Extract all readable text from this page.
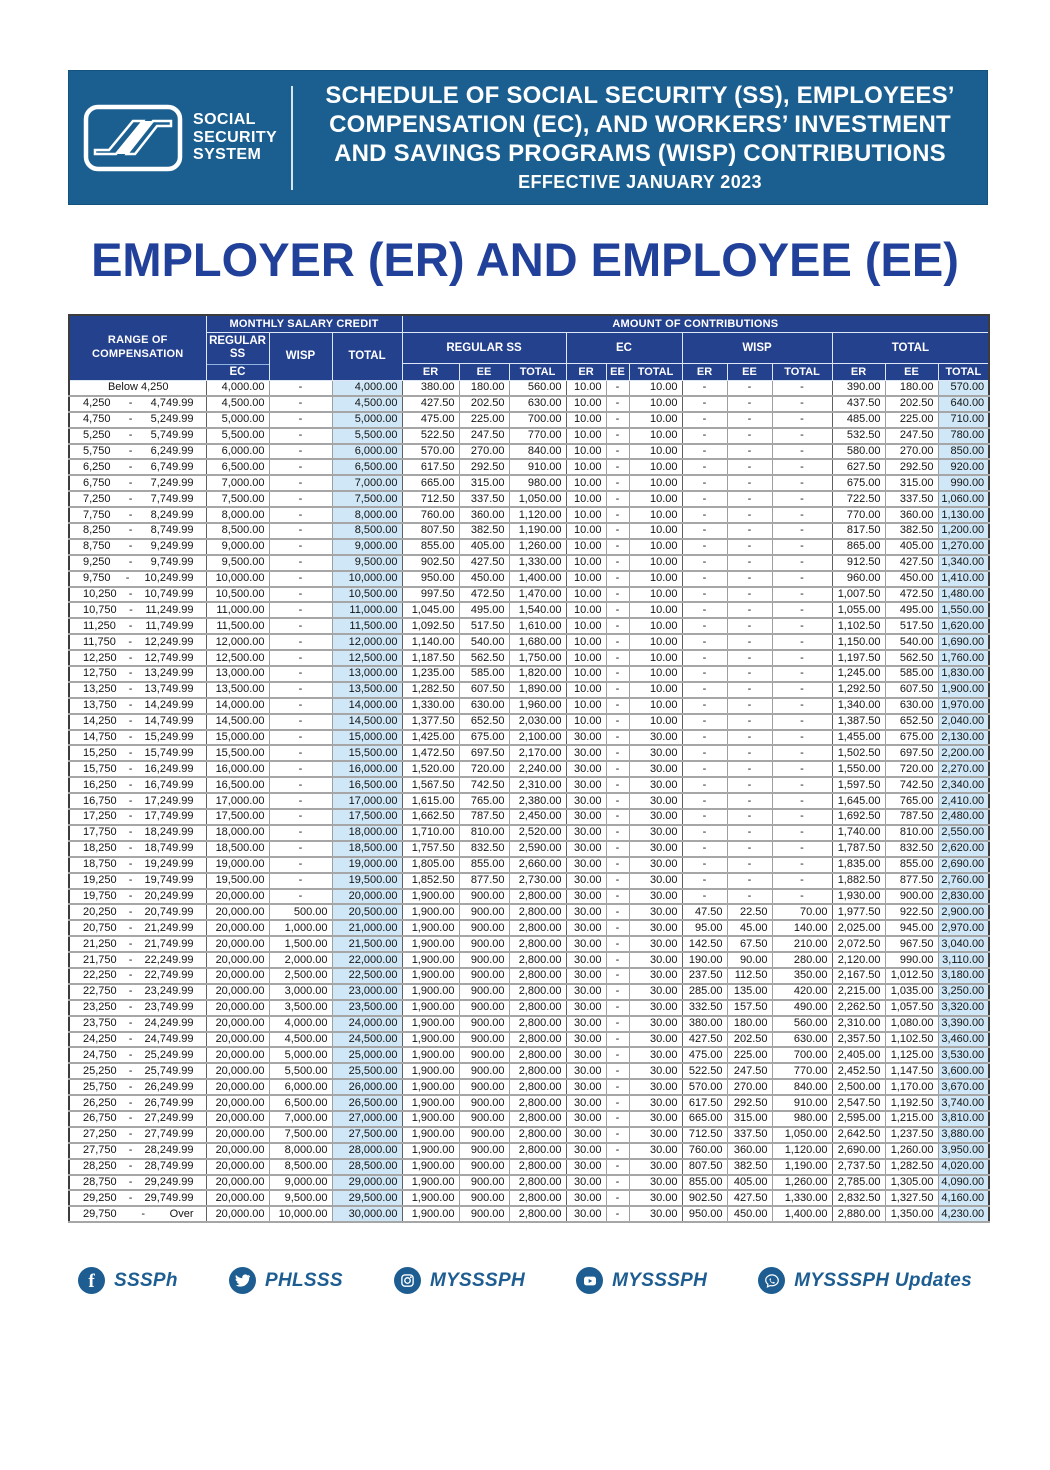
SOCIAL
SECURITY
SYSTEM
SCHEDULE OF SOCIAL SECURITY (SS), EMPLOYEES’
COMPENSATION (EC), AND WORKERS’ INVESTMENT
AND SAVINGS PROGRAMS (WISP) CONTRIBUTIONS
EFFECTIVE JANUARY 2023
EMPLOYER (ER) AND EMPLOYEE (EE)
RANGE OF COMPENSATION	MONTHLY SALARY CREDIT			AMOUNT OF CONTRIBUTIONS											

REGULAR SS
EC	WISP	TOTAL	REGULAR SS			EC			WISP			TOTAL		
				ER	EE	TOTAL	ER	EE	TOTAL	ER	EE	TOTAL	ER	EE	TOTAL

Below 4,250	4,000.00	-	4,000.00	380.00	180.00	560.00	10.00	-	10.00	-	-	-	390.00	180.00	570.00

4,250 - 4,749.99	4,500.00	-	4,500.00	427.50	202.50	630.00	10.00	-	10.00	-	-	-	437.50	202.50	640.00

4,750 - 5,249.99	5,000.00	-	5,000.00	475.00	225.00	700.00	10.00	-	10.00	-	-	-	485.00	225.00	710.00

5,250 - 5,749.99	5,500.00	-	5,500.00	522.50	247.50	770.00	10.00	-	10.00	-	-	-	532.50	247.50	780.00

5,750 - 6,249.99	6,000.00	-	6,000.00	570.00	270.00	840.00	10.00	-	10.00	-	-	-	580.00	270.00	850.00

6,250 - 6,749.99	6,500.00	-	6,500.00	617.50	292.50	910.00	10.00	-	10.00	-	-	-	627.50	292.50	920.00

6,750 - 7,249.99	7,000.00	-	7,000.00	665.00	315.00	980.00	10.00	-	10.00	-	-	-	675.00	315.00	990.00

7,250 - 7,749.99	7,500.00	-	7,500.00	712.50	337.50	1,050.00	10.00	-	10.00	-	-	-	722.50	337.50	1,060.00

7,750 - 8,249.99	8,000.00	-	8,000.00	760.00	360.00	1,120.00	10.00	-	10.00	-	-	-	770.00	360.00	1,130.00

8,250 - 8,749.99	8,500.00	-	8,500.00	807.50	382.50	1,190.00	10.00	-	10.00	-	-	-	817.50	382.50	1,200.00

8,750 - 9,249.99	9,000.00	-	9,000.00	855.00	405.00	1,260.00	10.00	-	10.00	-	-	-	865.00	405.00	1,270.00

9,250 - 9,749.99	9,500.00	-	9,500.00	902.50	427.50	1,330.00	10.00	-	10.00	-	-	-	912.50	427.50	1,340.00

9,750 - 10,249.99	10,000.00	-	10,000.00	950.00	450.00	1,400.00	10.00	-	10.00	-	-	-	960.00	450.00	1,410.00

10,250 - 10,749.99	10,500.00	-	10,500.00	997.50	472.50	1,470.00	10.00	-	10.00	-	-	-	1,007.50	472.50	1,480.00

10,750 - 11,249.99	11,000.00	-	11,000.00	1,045.00	495.00	1,540.00	10.00	-	10.00	-	-	-	1,055.00	495.00	1,550.00

11,250 - 11,749.99	11,500.00	-	11,500.00	1,092.50	517.50	1,610.00	10.00	-	10.00	-	-	-	1,102.50	517.50	1,620.00

11,750 - 12,249.99	12,000.00	-	12,000.00	1,140.00	540.00	1,680.00	10.00	-	10.00	-	-	-	1,150.00	540.00	1,690.00

12,250 - 12,749.99	12,500.00	-	12,500.00	1,187.50	562.50	1,750.00	10.00	-	10.00	-	-	-	1,197.50	562.50	1,760.00

12,750 - 13,249.99	13,000.00	-	13,000.00	1,235.00	585.00	1,820.00	10.00	-	10.00	-	-	-	1,245.00	585.00	1,830.00

13,250 - 13,749.99	13,500.00	-	13,500.00	1,282.50	607.50	1,890.00	10.00	-	10.00	-	-	-	1,292.50	607.50	1,900.00

13,750 - 14,249.99	14,000.00	-	14,000.00	1,330.00	630.00	1,960.00	10.00	-	10.00	-	-	-	1,340.00	630.00	1,970.00

14,250 - 14,749.99	14,500.00	-	14,500.00	1,377.50	652.50	2,030.00	10.00	-	10.00	-	-	-	1,387.50	652.50	2,040.00

14,750 - 15,249.99	15,000.00	-	15,000.00	1,425.00	675.00	2,100.00	30.00	-	30.00	-	-	-	1,455.00	675.00	2,130.00

15,250 - 15,749.99	15,500.00	-	15,500.00	1,472.50	697.50	2,170.00	30.00	-	30.00	-	-	-	1,502.50	697.50	2,200.00

15,750 - 16,249.99	16,000.00	-	16,000.00	1,520.00	720.00	2,240.00	30.00	-	30.00	-	-	-	1,550.00	720.00	2,270.00

16,250 - 16,749.99	16,500.00	-	16,500.00	1,567.50	742.50	2,310.00	30.00	-	30.00	-	-	-	1,597.50	742.50	2,340.00

16,750 - 17,249.99	17,000.00	-	17,000.00	1,615.00	765.00	2,380.00	30.00	-	30.00	-	-	-	1,645.00	765.00	2,410.00

17,250 - 17,749.99	17,500.00	-	17,500.00	1,662.50	787.50	2,450.00	30.00	-	30.00	-	-	-	1,692.50	787.50	2,480.00

17,750 - 18,249.99	18,000.00	-	18,000.00	1,710.00	810.00	2,520.00	30.00	-	30.00	-	-	-	1,740.00	810.00	2,550.00

18,250 - 18,749.99	18,500.00	-	18,500.00	1,757.50	832.50	2,590.00	30.00	-	30.00	-	-	-	1,787.50	832.50	2,620.00

18,750 - 19,249.99	19,000.00	-	19,000.00	1,805.00	855.00	2,660.00	30.00	-	30.00	-	-	-	1,835.00	855.00	2,690.00

19,250 - 19,749.99	19,500.00	-	19,500.00	1,852.50	877.50	2,730.00	30.00	-	30.00	-	-	-	1,882.50	877.50	2,760.00

19,750 - 20,249.99	20,000.00	-	20,000.00	1,900.00	900.00	2,800.00	30.00	-	30.00	-	-	-	1,930.00	900.00	2,830.00

20,250 - 20,749.99	20,000.00	500.00	20,500.00	1,900.00	900.00	2,800.00	30.00	-	30.00	47.50	22.50	70.00	1,977.50	922.50	2,900.00

20,750 - 21,249.99	20,000.00	1,000.00	21,000.00	1,900.00	900.00	2,800.00	30.00	-	30.00	95.00	45.00	140.00	2,025.00	945.00	2,970.00

21,250 - 21,749.99	20,000.00	1,500.00	21,500.00	1,900.00	900.00	2,800.00	30.00	-	30.00	142.50	67.50	210.00	2,072.50	967.50	3,040.00

21,750 - 22,249.99	20,000.00	2,000.00	22,000.00	1,900.00	900.00	2,800.00	30.00	-	30.00	190.00	90.00	280.00	2,120.00	990.00	3,110.00

22,250 - 22,749.99	20,000.00	2,500.00	22,500.00	1,900.00	900.00	2,800.00	30.00	-	30.00	237.50	112.50	350.00	2,167.50	1,012.50	3,180.00

22,750 - 23,249.99	20,000.00	3,000.00	23,000.00	1,900.00	900.00	2,800.00	30.00	-	30.00	285.00	135.00	420.00	2,215.00	1,035.00	3,250.00

23,250 - 23,749.99	20,000.00	3,500.00	23,500.00	1,900.00	900.00	2,800.00	30.00	-	30.00	332.50	157.50	490.00	2,262.50	1,057.50	3,320.00

23,750 - 24,249.99	20,000.00	4,000.00	24,000.00	1,900.00	900.00	2,800.00	30.00	-	30.00	380.00	180.00	560.00	2,310.00	1,080.00	3,390.00

24,250 - 24,749.99	20,000.00	4,500.00	24,500.00	1,900.00	900.00	2,800.00	30.00	-	30.00	427.50	202.50	630.00	2,357.50	1,102.50	3,460.00

24,750 - 25,249.99	20,000.00	5,000.00	25,000.00	1,900.00	900.00	2,800.00	30.00	-	30.00	475.00	225.00	700.00	2,405.00	1,125.00	3,530.00

25,250 - 25,749.99	20,000.00	5,500.00	25,500.00	1,900.00	900.00	2,800.00	30.00	-	30.00	522.50	247.50	770.00	2,452.50	1,147.50	3,600.00

25,750 - 26,249.99	20,000.00	6,000.00	26,000.00	1,900.00	900.00	2,800.00	30.00	-	30.00	570.00	270.00	840.00	2,500.00	1,170.00	3,670.00

26,250 - 26,749.99	20,000.00	6,500.00	26,500.00	1,900.00	900.00	2,800.00	30.00	-	30.00	617.50	292.50	910.00	2,547.50	1,192.50	3,740.00

26,750 - 27,249.99	20,000.00	7,000.00	27,000.00	1,900.00	900.00	2,800.00	30.00	-	30.00	665.00	315.00	980.00	2,595.00	1,215.00	3,810.00

27,250 - 27,749.99	20,000.00	7,500.00	27,500.00	1,900.00	900.00	2,800.00	30.00	-	30.00	712.50	337.50	1,050.00	2,642.50	1,237.50	3,880.00

27,750 - 28,249.99	20,000.00	8,000.00	28,000.00	1,900.00	900.00	2,800.00	30.00	-	30.00	760.00	360.00	1,120.00	2,690.00	1,260.00	3,950.00

28,250 - 28,749.99	20,000.00	8,500.00	28,500.00	1,900.00	900.00	2,800.00	30.00	-	30.00	807.50	382.50	1,190.00	2,737.50	1,282.50	4,020.00

28,750 - 29,249.99	20,000.00	9,000.00	29,000.00	1,900.00	900.00	2,800.00	30.00	-	30.00	855.00	405.00	1,260.00	2,785.00	1,305.00	4,090.00

29,250 - 29,749.99	20,000.00	9,500.00	29,500.00	1,900.00	900.00	2,800.00	30.00	-	30.00	902.50	427.50	1,330.00	2,832.50	1,327.50	4,160.00

29,750 - Over	20,000.00	10,000.00	30,000.00	1,900.00	900.00	2,800.00	30.00	-	30.00	950.00	450.00	1,400.00	2,880.00	1,350.00	4,230.00
f SSSPh	PHLSSS	MYSSSPH	MYSSSPH	MYSSSPH Updates
